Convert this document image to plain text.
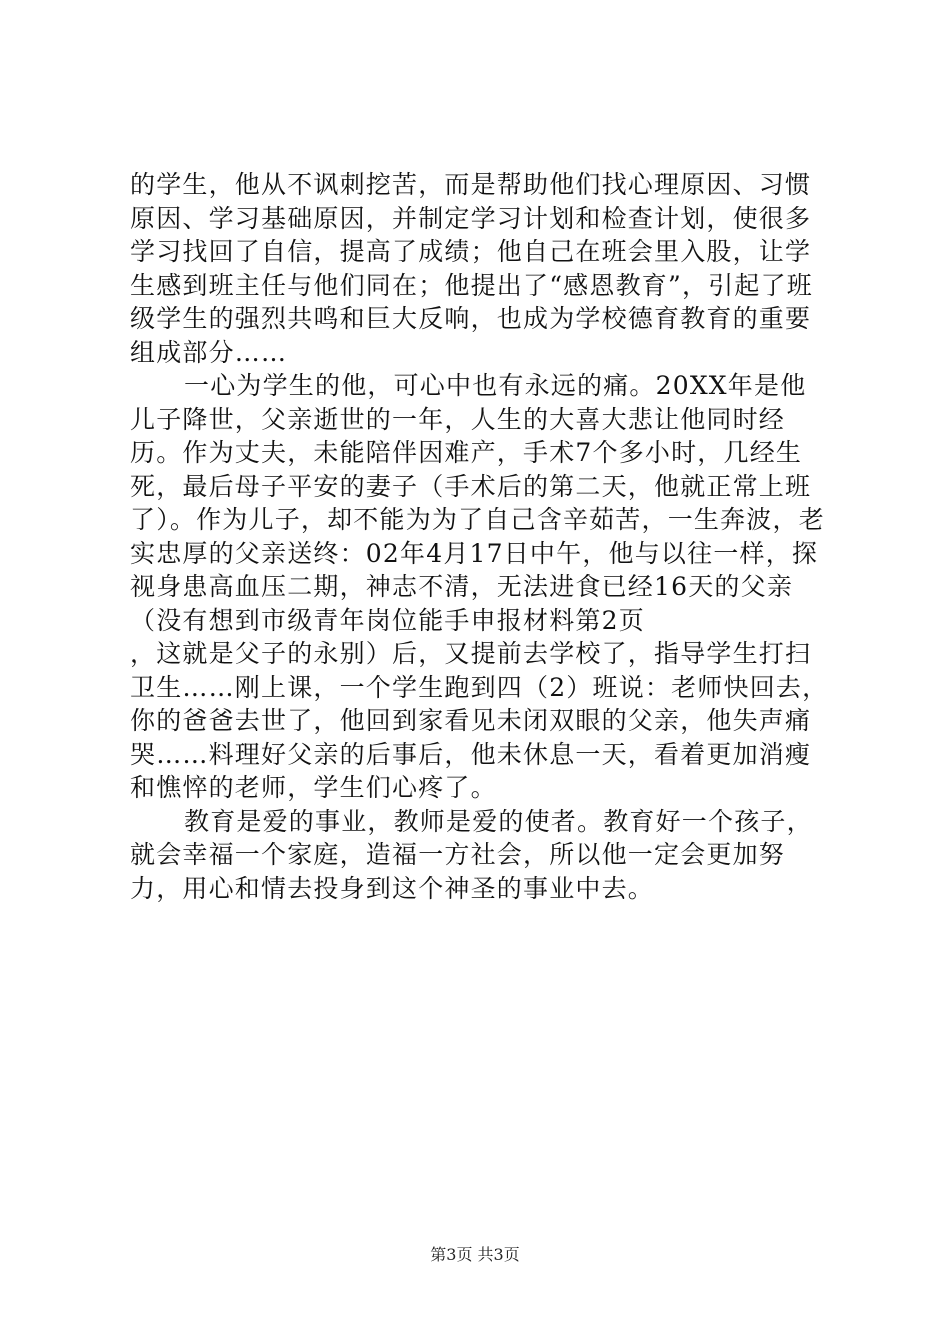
的学生，他从不讽刺挖苦，而是帮助他们找心理原因、习惯原因、学习基础原因，并制定学习计划和检查计划，使很多学习找回了自信，提高了成绩；他自己在班会里入股，让学生感到班主任与他们同在；他提出了“感恩教育”，引起了班级学生的强烈共鸣和巨大反响，也成为学校德育教育的重要组成部分……

一心为学生的他，可心中也有永远的痛。20XX年是他儿子降世，父亲逝世的一年，人生的大喜大悲让他同时经历。作为丈夫，未能陪伴因难产，手术7个多小时，几经生死，最后母子平安的妻子（手术后的第二天，他就正常上班了）。作为儿子，却不能为为了自己含辛茹苦，一生奔波，老实忠厚的父亲送终：02年4月17日中午，他与以往一样，探视身患高血压二期，神志不清，无法进食已经16天的父亲（没有想到市级青年岗位能手申报材料第2页

，这就是父子的永别）后，又提前去学校了，指导学生打扫卫生……刚上课，一个学生跑到四（2）班说：老师快回去，你的爸爸去世了，他回到家看见未闭双眼的父亲，他失声痛哭……料理好父亲的后事后，他未休息一天，看着更加消瘦和憔悴的老师，学生们心疼了。

教育是爱的事业，教师是爱的使者。教育好一个孩子，就会幸福一个家庭，造福一方社会，所以他一定会更加努力，用心和情去投身到这个神圣的事业中去。

第3页 共3页
